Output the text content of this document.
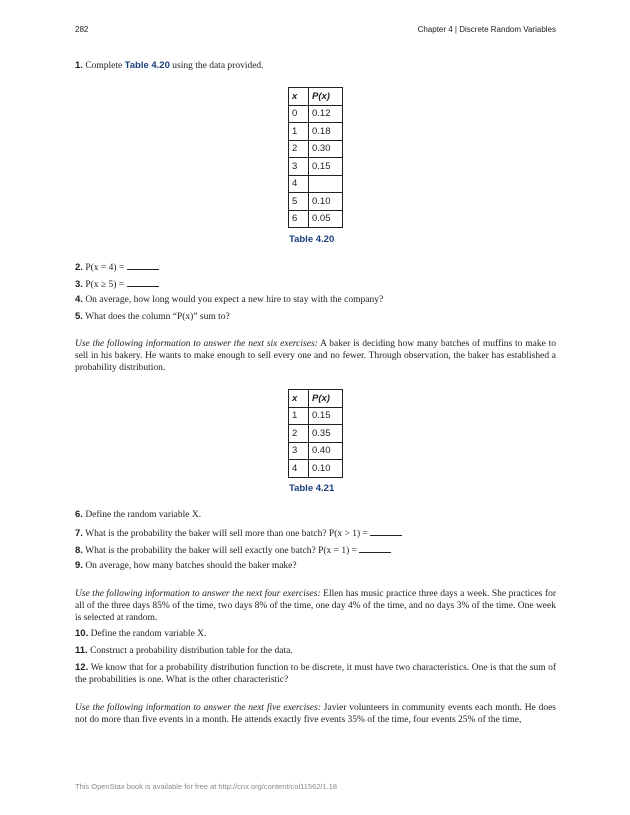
282	Chapter 4 | Discrete Random Variables
1. Complete Table 4.20 using the data provided.
x	P(x)
0	0.12
1	0.18
2	0.30
3	0.15
4	
5	0.10
6	0.05
Table 4.20
2. P(x = 4) =
3. P(x ≥ 5) =
4. On average, how long would you expect a new hire to stay with the company?
5. What does the column “P(x)” sum to?
Use the following information to answer the next six exercises: A baker is deciding how many batches of muffins to make to sell in his bakery. He wants to make enough to sell every one and no fewer. Through observation, the baker has established a probability distribution.
x	P(x)
1	0.15
2	0.35
3	0.40
4	0.10
Table 4.21
6. Define the random variable X.
7. What is the probability the baker will sell more than one batch? P(x > 1) =
8. What is the probability the baker will sell exactly one batch? P(x = 1) =
9. On average, how many batches should the baker make?
Use the following information to answer the next four exercises: Ellen has music practice three days a week. She practices for all of the three days 85% of the time, two days 8% of the time, one day 4% of the time, and no days 3% of the time. One week is selected at random.
10. Define the random variable X.
11. Construct a probability distribution table for the data.
12. We know that for a probability distribution function to be discrete, it must have two characteristics. One is that the sum of the probabilities is one. What is the other characteristic?
Use the following information to answer the next five exercises: Javier volunteers in community events each month. He does not do more than five events in a month. He attends exactly five events 35% of the time, four events 25% of the time,
This OpenStax book is available for free at http://cnx.org/content/col11562/1.18
